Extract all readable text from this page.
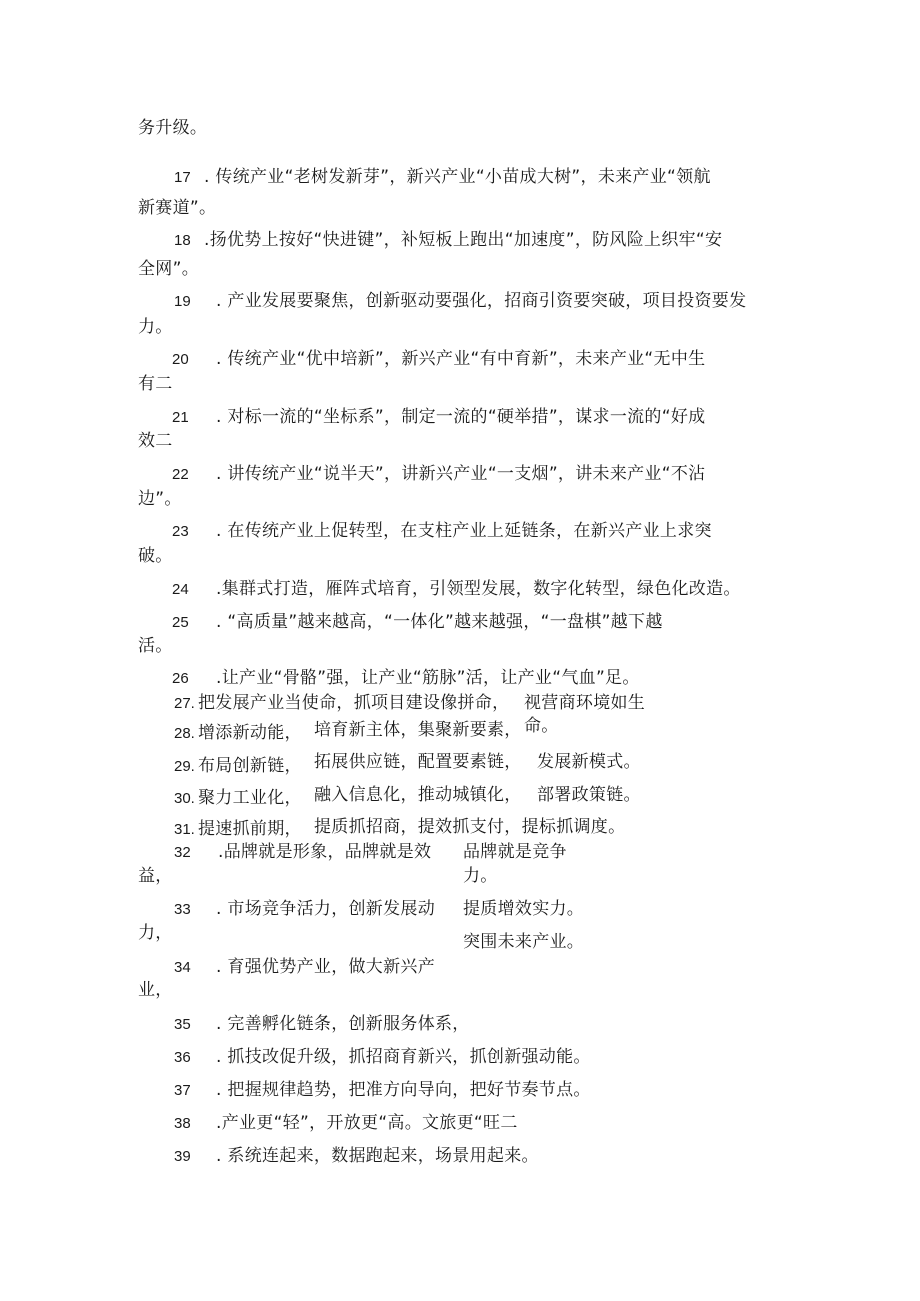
务升级。
17 . 传统产业“老树发新芽”，新兴产业“小苗成大树”，未来产业“领航
新赛道”。
18 .扬优势上按好“快进键”，补短板上跑出“加速度”，防风险上织牢“安
全网”。
19 . 产业发展要聚焦，创新驱动要强化，招商引资要突破，项目投资要发
力。
20 . 传统产业“优中培新”，新兴产业“有中育新”，未来产业“无中生
有二
21 . 对标一流的“坐标系”，制定一流的“硬举措”，谋求一流的“好成
效二
22 . 讲传统产业“说半天”，讲新兴产业“一支烟”，讲未来产业“不沾
边”。
23 . 在传统产业上促转型，在支柱产业上延链条，在新兴产业上求突
破。
24 .集群式打造，雁阵式培育，引领型发展，数字化转型，绿色化改造。
25 . “高质量”越来越高，“一体化”越来越强，“一盘棋”越下越
活。
26 .让产业“骨骼”强，让产业“筋脉”活，让产业“气血”足。
27. 把发展产业当使命，抓项目建设像拼命， 视营商环境如生
命。
28. 增添新动能， 培育新主体，集聚新要素，
29. 布局创新链， 拓展供应链，配置要素链， 发展新模式。
30. 聚力工业化， 融入信息化，推动城镇化， 部署政策链。
31. 提速抓前期， 提质抓招商，提效抓支付，提标抓调度。
32 .品牌就是形象，品牌就是效
益，
品牌就是竞争
力。
33 . 市场竞争活力，创新发展动
力，
提质增效实力。
突围未来产业。
34 . 育强优势产业，做大新兴产
业，
35 . 完善孵化链条，创新服务体系，
36 . 抓技改促升级，抓招商育新兴，抓创新强动能。
37 . 把握规律趋势，把准方向导向，把好节奏节点。
38 .产业更“轻”，开放更“高。文旅更“旺二
39 . 系统连起来，数据跑起来，场景用起来。
